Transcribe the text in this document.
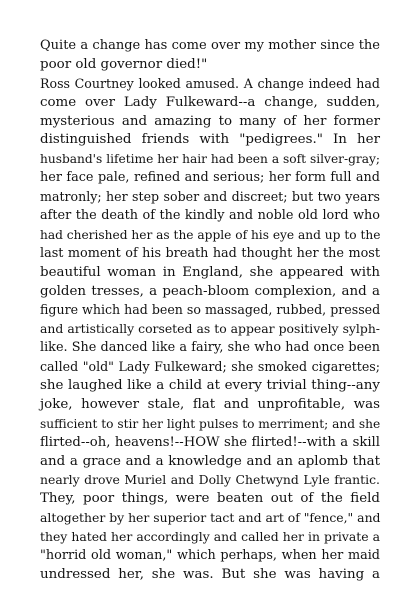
Quite a change has come over my mother since the
poor old governor died!"
Ross Courtney looked amused. A change indeed had
come over Lady Fulkeward--a change, sudden,
mysterious and amazing to many of her former
distinguished friends with "pedigrees." In her
husband's lifetime her hair had been a soft silver-gray;
her face pale, refined and serious; her form full and
matronly; her step sober and discreet; but two years
after the death of the kindly and noble old lord who
had cherished her as the apple of his eye and up to the
last moment of his breath had thought her the most
beautiful woman in England, she appeared with
golden tresses, a peach-bloom complexion, and a
figure which had been so massaged, rubbed, pressed
and artistically corseted as to appear positively sylph-
like. She danced like a fairy, she who had once been
called "old" Lady Fulkeward; she smoked cigarettes;
she laughed like a child at every trivial thing--any
joke, however stale, flat and unprofitable, was
sufficient to stir her light pulses to merriment; and she
flirted--oh, heavens!--HOW she flirted!--with a skill
and a grace and a knowledge and an aplomb that
nearly drove Muriel and Dolly Chetwynd Lyle frantic.
They, poor things, were beaten out of the field
altogether by her superior tact and art of "fence," and
they hated her accordingly and called her in private a
"horrid old woman," which perhaps, when her maid
undressed her, she was. But she was having a
